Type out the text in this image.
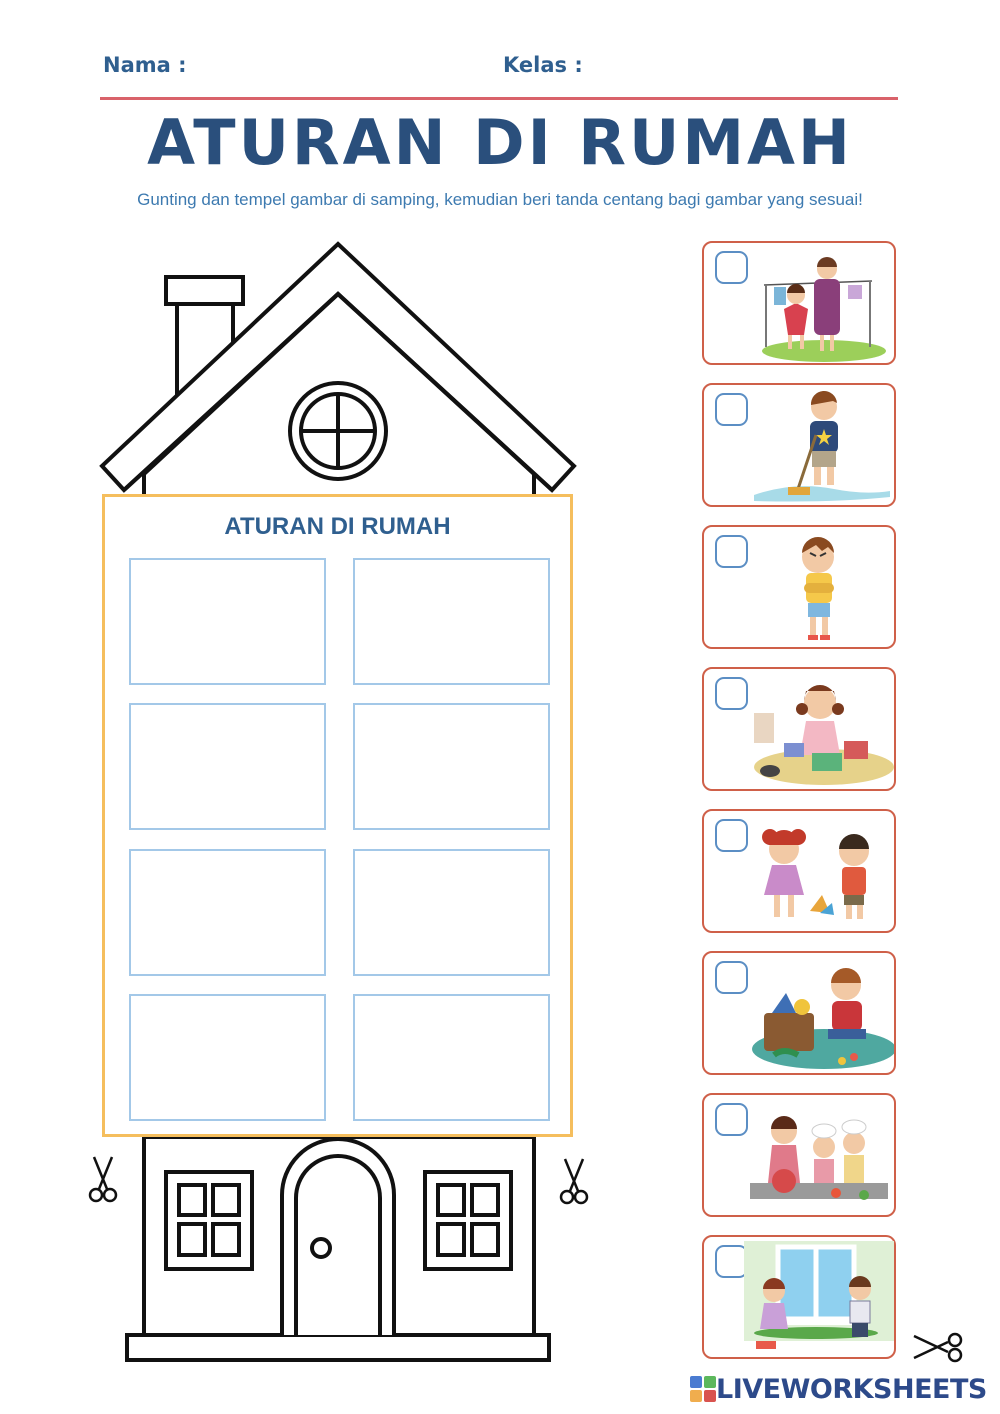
Nama :	Kelas :
ATURAN DI RUMAH
Gunting dan tempel gambar di samping, kemudian beri tanda centang bagi gambar yang sesuai!
ATURAN DI RUMAH
LIVEWORKSHEETS
